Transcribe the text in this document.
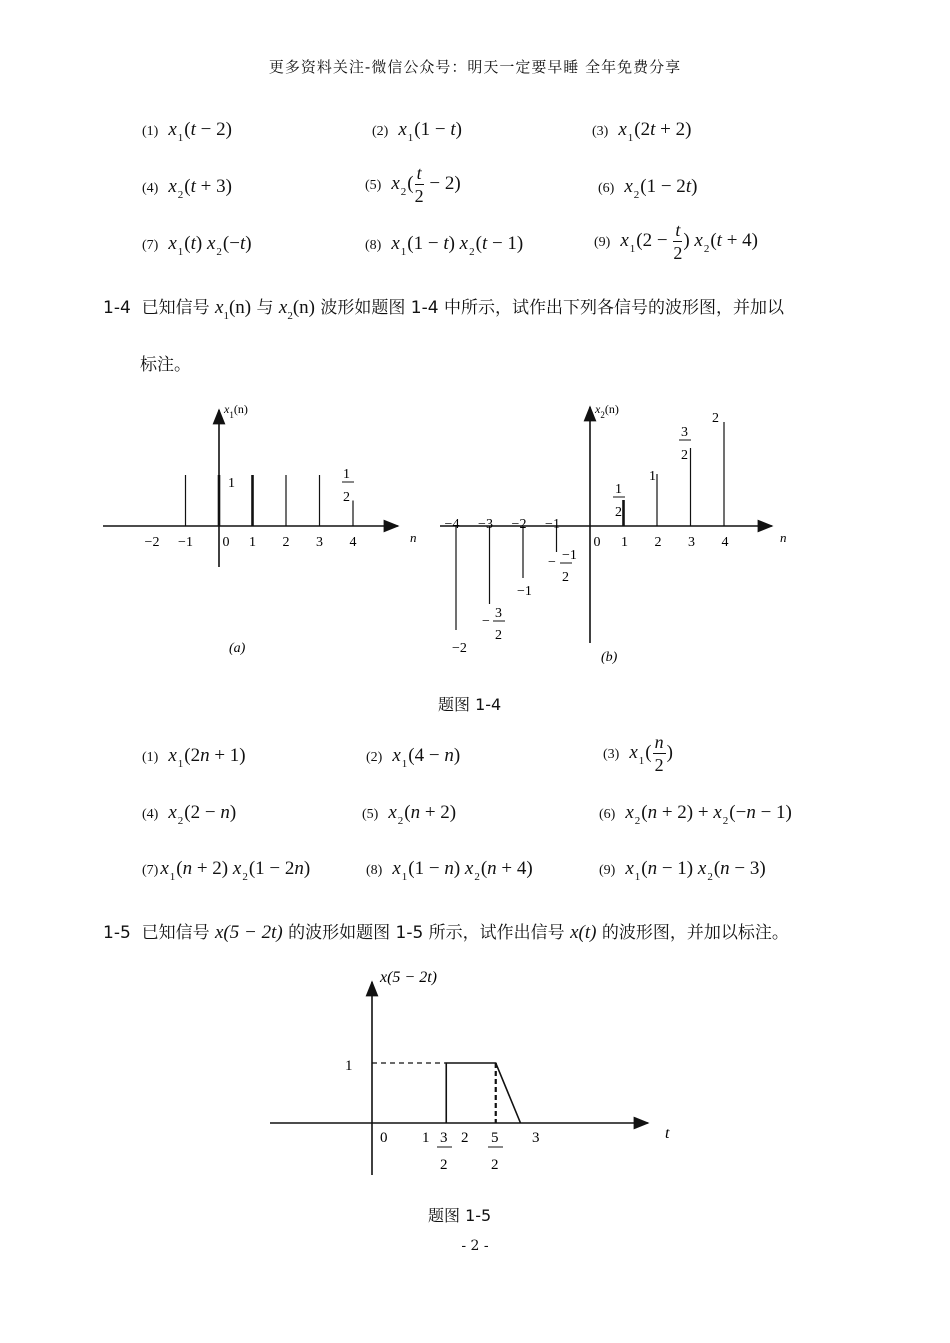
更多资料关注-微信公众号：明天一定要早睡 全年免费分享
(1) $x_1(t - 2)$	(2) $x_1(1 - t)$	(3) $x_1(2t + 2)$
(4) $x_2(t + 3)$	(5) $x_2( \frac{t}{2} - 2)$	(6) $x_2(1 - 2t)$
(7) $x_1(t)$ $x_2(-t)$	(8) $x_1(1 - t) x_2(t - 1)$	(9) $x_1(2 - \frac{t}{2}$ ) $x_2(t + 4)$
1-4 已知信号 $x_1(n)$ 与 $x_2(n)$ 波形如题图 1-4 中所示，试作出下列各信号的波形图，并加以
标注。
$x_1(n)$
1
1
2
−2 −1 0 1 2 3 4	n
(a)
$x_2(n)$
1
2
1
3
2
2
− −1
2
−1
−
3
2
−2
−4 −3 −2 −1
0 1 2 3 4	n
(b)
题图 1-4
(1) $x_1(2n + 1)$	(2) $x_1(4 - n)$	(3) $x_1( \frac{n}{2}$ )
(4) $x_2(2 - n)$	(5) $x_2(n + 2)$	(6) $x_2(n + 2) + x_2(-n - 1)$
(7) $x_1(n + 2) x_2(1 - 2n)$	(8) $x_1(1 - n) x_2(n + 4)$	(9) $x_1(n - 1) x_2(n - 3)$
1-5 已知信号 x(5 − 2t) 的波形如题图 1-5 所示，试作出信号 x(t) 的波形图，并加以标注。
x(5 − 2t)
1
0 1 3
2
2 5
2
3	t
题图 1-5
- 2 -
